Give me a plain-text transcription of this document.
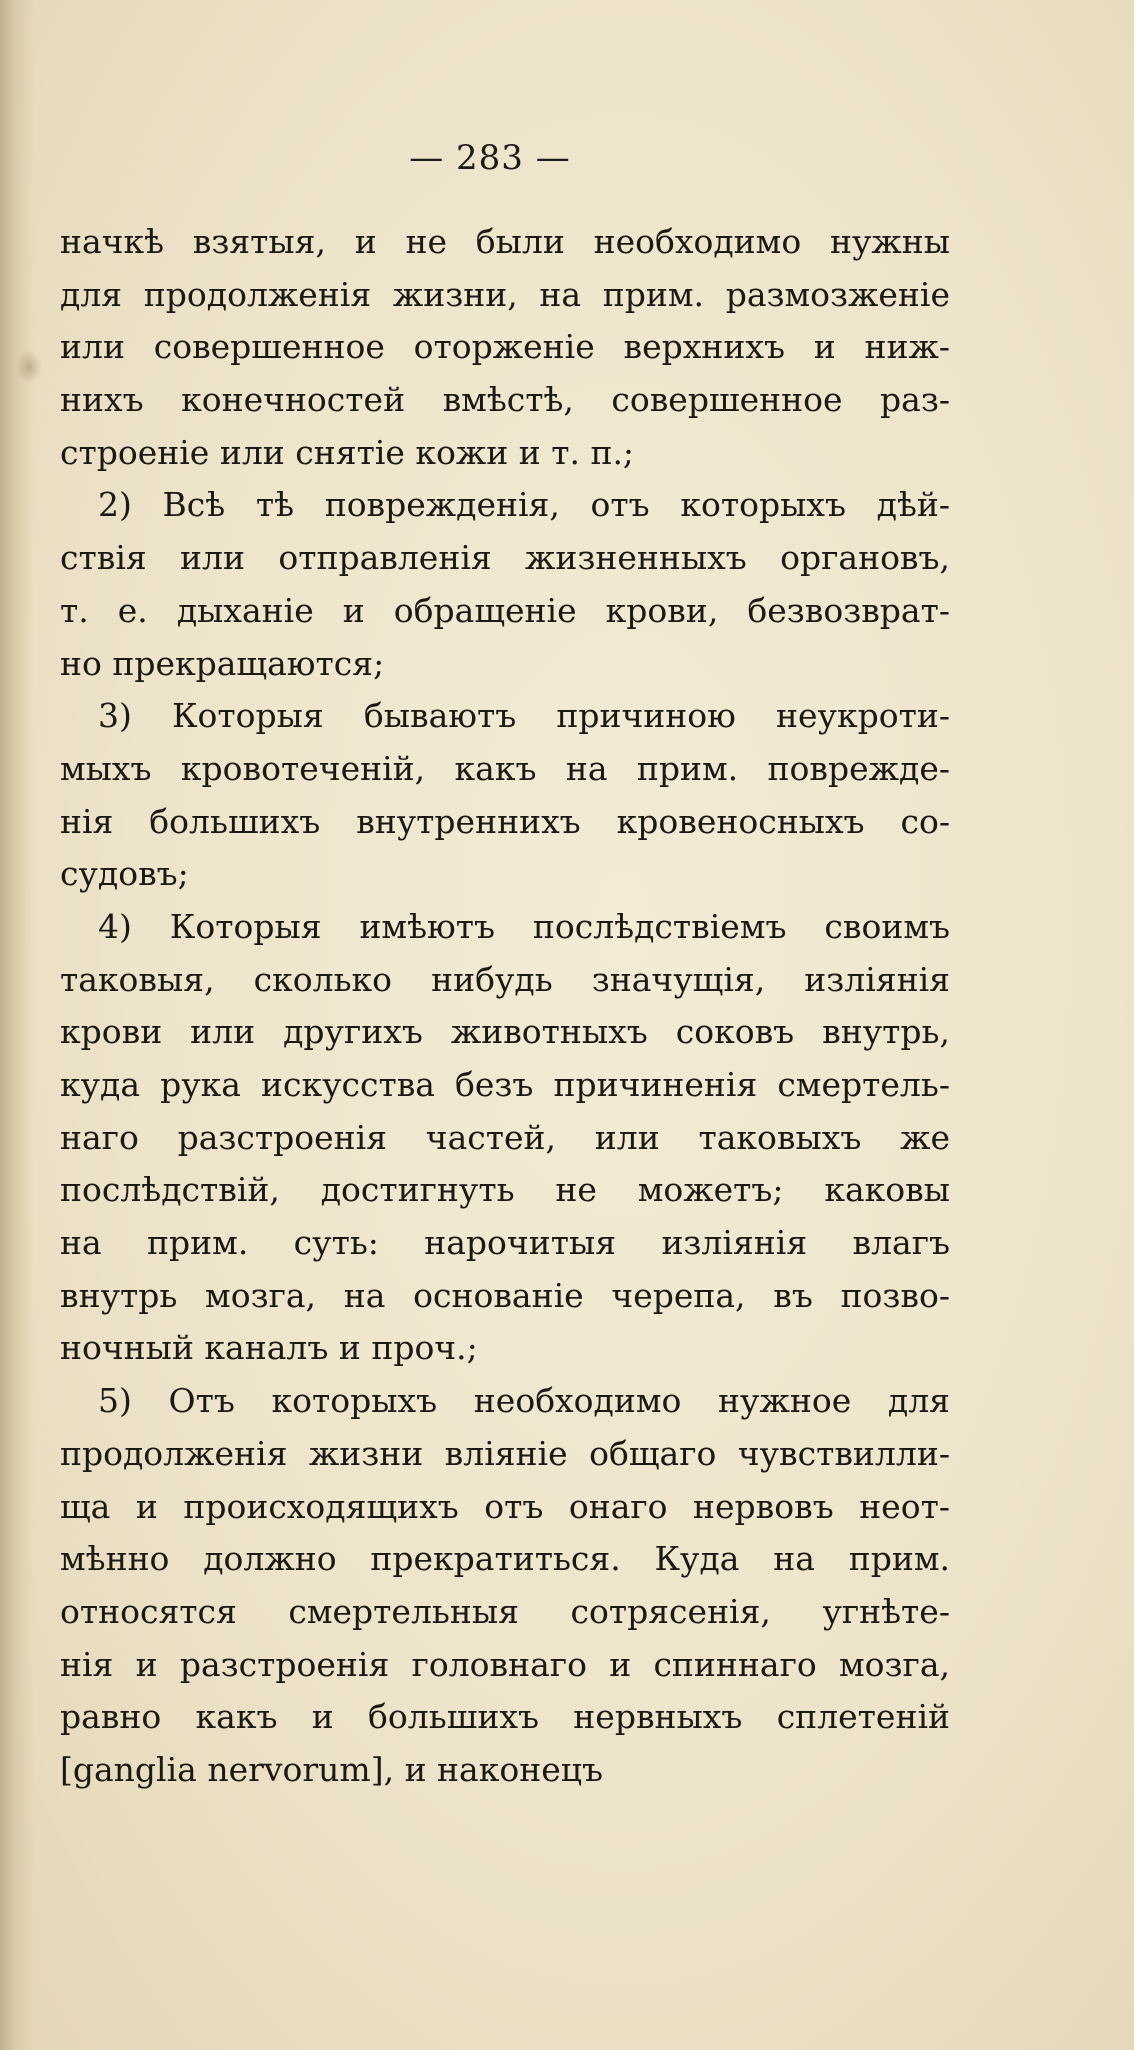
— 283 —
начкѣ взятыя, и не были необходимо нужны
для продолженія жизни, на прим. размозженіе
или совершенное оторженіе верхнихъ и ниж-
нихъ конечностей вмѣстѣ, совершенное раз-
строеніе или снятіе кожи и т. п.;
2) Всѣ тѣ поврежденія, отъ которыхъ дѣй-
ствія или отправленія жизненныхъ органовъ,
т. е. дыханіе и обращеніе крови, безвозврат-
но прекращаются;
3) Которыя бываютъ причиною неукроти-
мыхъ кровотеченій, какъ на прим. поврежде-
нія большихъ внутреннихъ кровеносныхъ со-
судовъ;
4) Которыя имѣютъ послѣдствіемъ своимъ
таковыя, сколько нибудь значущія, изліянія
крови или другихъ животныхъ соковъ внутрь,
куда рука искусства безъ причиненія смертель-
наго разстроенія частей, или таковыхъ же
послѣдствій, достигнуть не можетъ; каковы
на прим. суть: нарочитыя изліянія влагъ
внутрь мозга, на основаніе черепа, въ позво-
ночный каналъ и проч.;
5) Отъ которыхъ необходимо нужное для
продолженія жизни вліяніе общаго чувствилли-
ща и происходящихъ отъ онаго нервовъ неот-
мѣнно должно прекратиться. Куда на прим.
относятся смертельныя сотрясенія, угнѣте-
нія и разстроенія головнаго и спиннаго мозга,
равно какъ и большихъ нервныхъ сплетеній
[ganglia nervorum], и наконецъ
